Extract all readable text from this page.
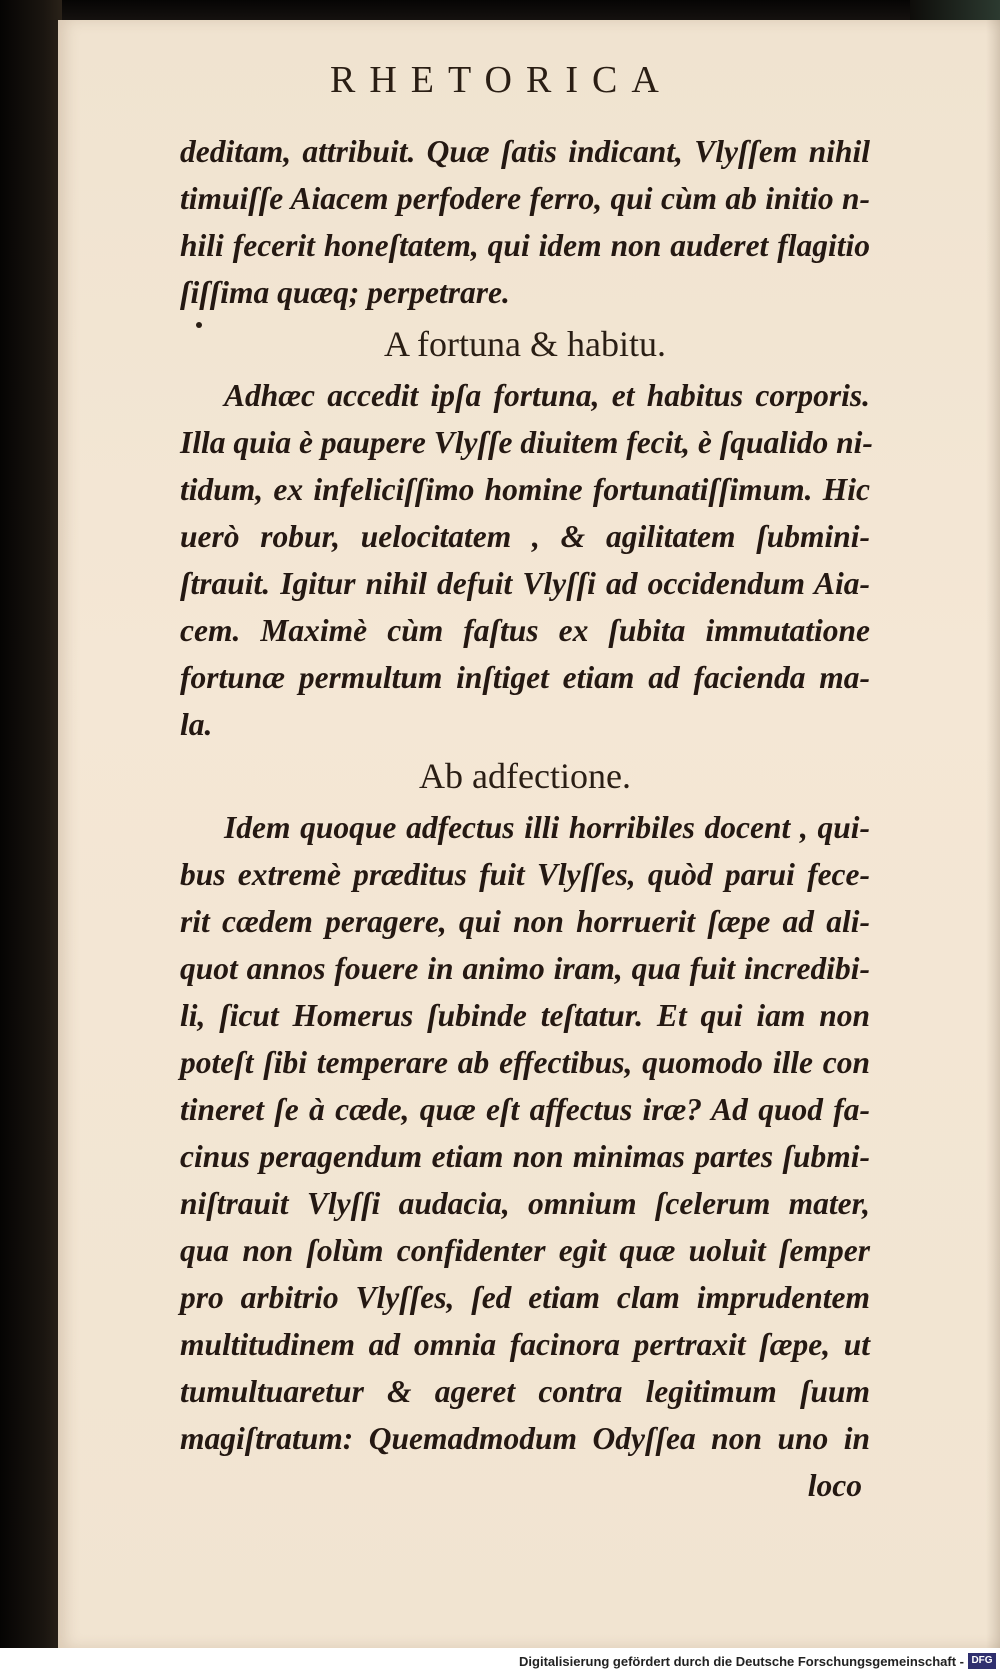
RHETORICA
deditam, attribuit. Quæ ſatis indicant, Vlyſſem nihil
timuiſſe Aiacem perfodere ferro, qui cùm ab initio n-
hili fecerit honeſtatem, qui idem non auderet flagitio
ſiſſima quæq; perpetrare.
A fortuna & habitu.
Adhæc accedit ipſa fortuna, et habitus corporis.
Illa quia è paupere Vlyſſe diuitem fecit, è ſqualido ni-
tidum, ex infeliciſſimo homine fortunatiſſimum. Hic
uerò robur, uelocitatem , & agilitatem ſubmini-
ſtrauit. Igitur nihil defuit Vlyſſi ad occidendum Aia-
cem. Maximè cùm faſtus ex ſubita immutatione
fortunæ permultum inſtiget etiam ad facienda ma-
la.
Ab adfectione.
Idem quoque adfectus illi horribiles docent , qui-
bus extremè præditus fuit Vlyſſes, quòd parui fece-
rit cædem peragere, qui non horruerit ſæpe ad ali-
quot annos fouere in animo iram, qua fuit incredibi-
li, ſicut Homerus ſubinde teſtatur. Et qui iam non
poteſt ſibi temperare ab effectibus, quomodo ille con
tineret ſe à cæde, quæ eſt affectus iræ? Ad quod fa-
cinus peragendum etiam non minimas partes ſubmi-
niſtrauit Vlyſſi audacia, omnium ſcelerum mater,
qua non ſolùm confidenter egit quæ uoluit ſemper
pro arbitrio Vlyſſes, ſed etiam clam imprudentem
multitudinem ad omnia facinora pertraxit ſæpe, ut
tumultuaretur & ageret contra legitimum ſuum
magiſtratum: Quemadmodum Odyſſea non uno in
loco
Digitalisierung gefördert durch die Deutsche Forschungsgemeinschaft - DFG
